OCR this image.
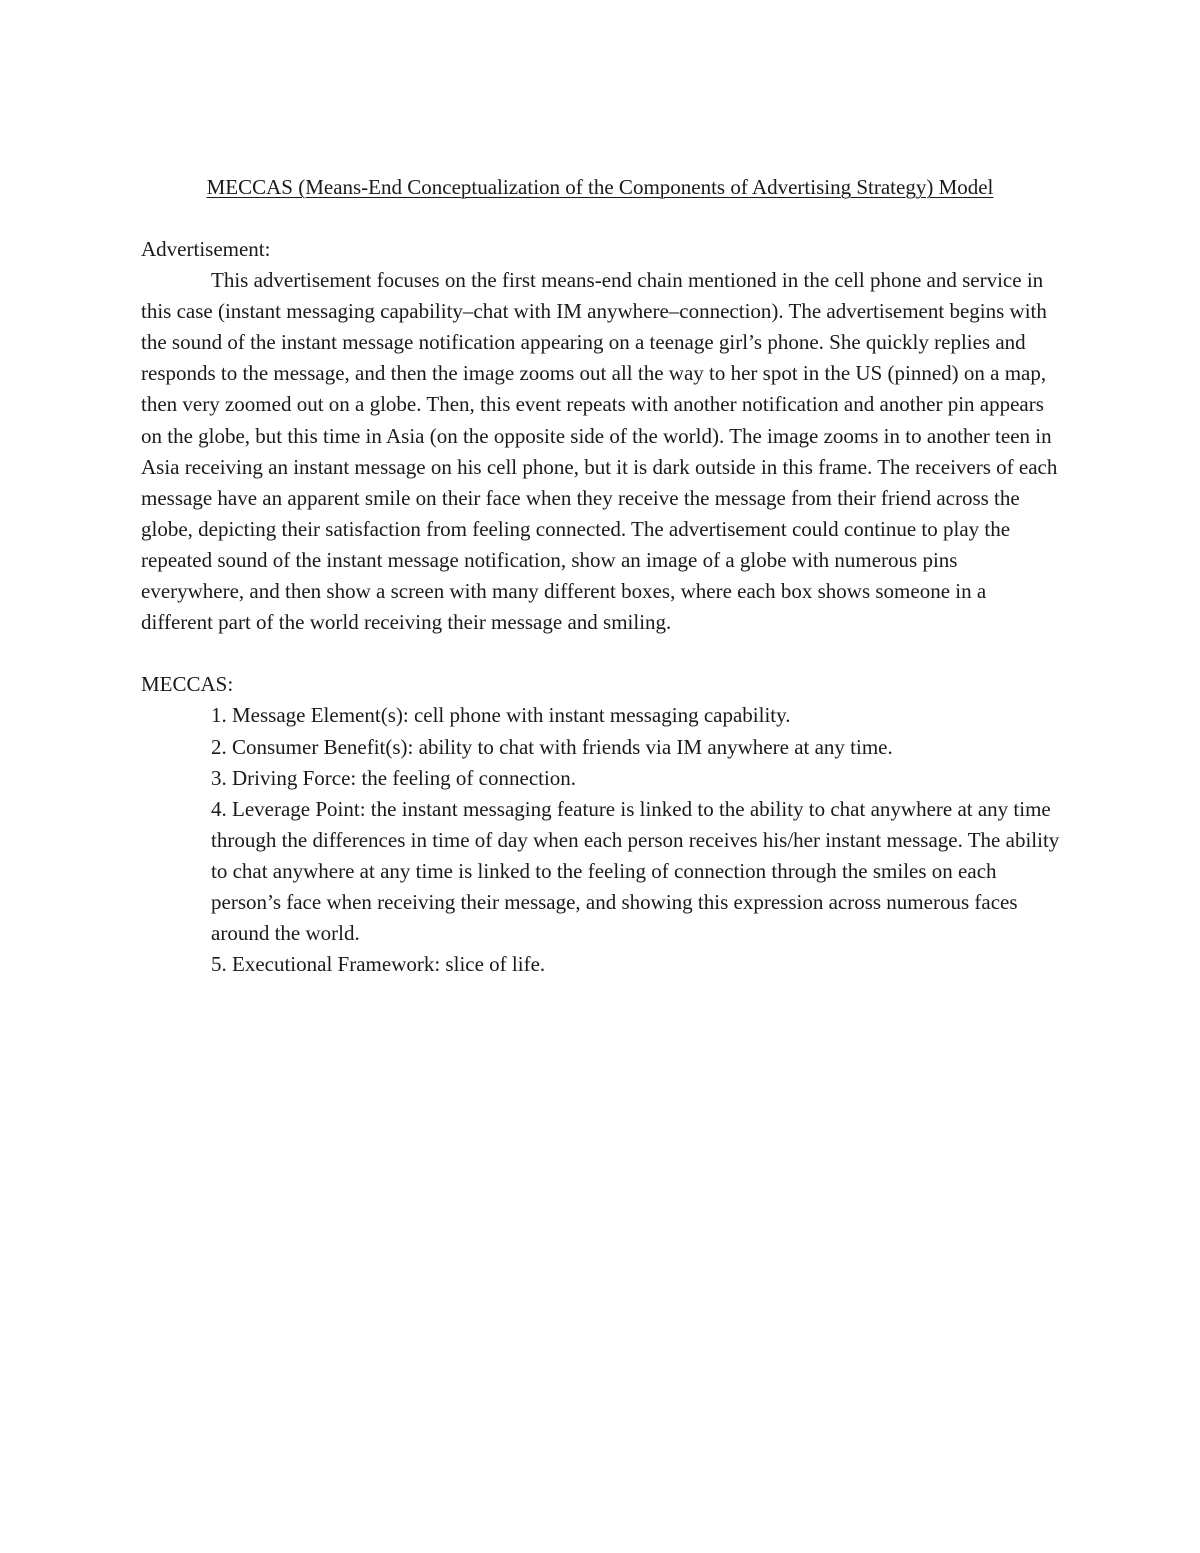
MECCAS (Means-End Conceptualization of the Components of Advertising Strategy) Model

Advertisement:

This advertisement focuses on the first means-end chain mentioned in the cell phone and service in this case (instant messaging capability–chat with IM anywhere–connection). The advertisement begins with the sound of the instant message notification appearing on a teenage girl’s phone. She quickly replies and responds to the message, and then the image zooms out all the way to her spot in the US (pinned) on a map, then very zoomed out on a globe. Then, this event repeats with another notification and another pin appears on the globe, but this time in Asia (on the opposite side of the world). The image zooms in to another teen in Asia receiving an instant message on his cell phone, but it is dark outside in this frame. The receivers of each message have an apparent smile on their face when they receive the message from their friend across the globe, depicting their satisfaction from feeling connected. The advertisement could continue to play the repeated sound of the instant message notification, show an image of a globe with numerous pins everywhere, and then show a screen with many different boxes, where each box shows someone in a different part of the world receiving their message and smiling.

MECCAS:

1. Message Element(s): cell phone with instant messaging capability.
2. Consumer Benefit(s): ability to chat with friends via IM anywhere at any time.
3. Driving Force: the feeling of connection.
4. Leverage Point: the instant messaging feature is linked to the ability to chat anywhere at any time through the differences in time of day when each person receives his/her instant message. The ability to chat anywhere at any time is linked to the feeling of connection through the smiles on each person’s face when receiving their message, and showing this expression across numerous faces around the world.
5. Executional Framework: slice of life.
